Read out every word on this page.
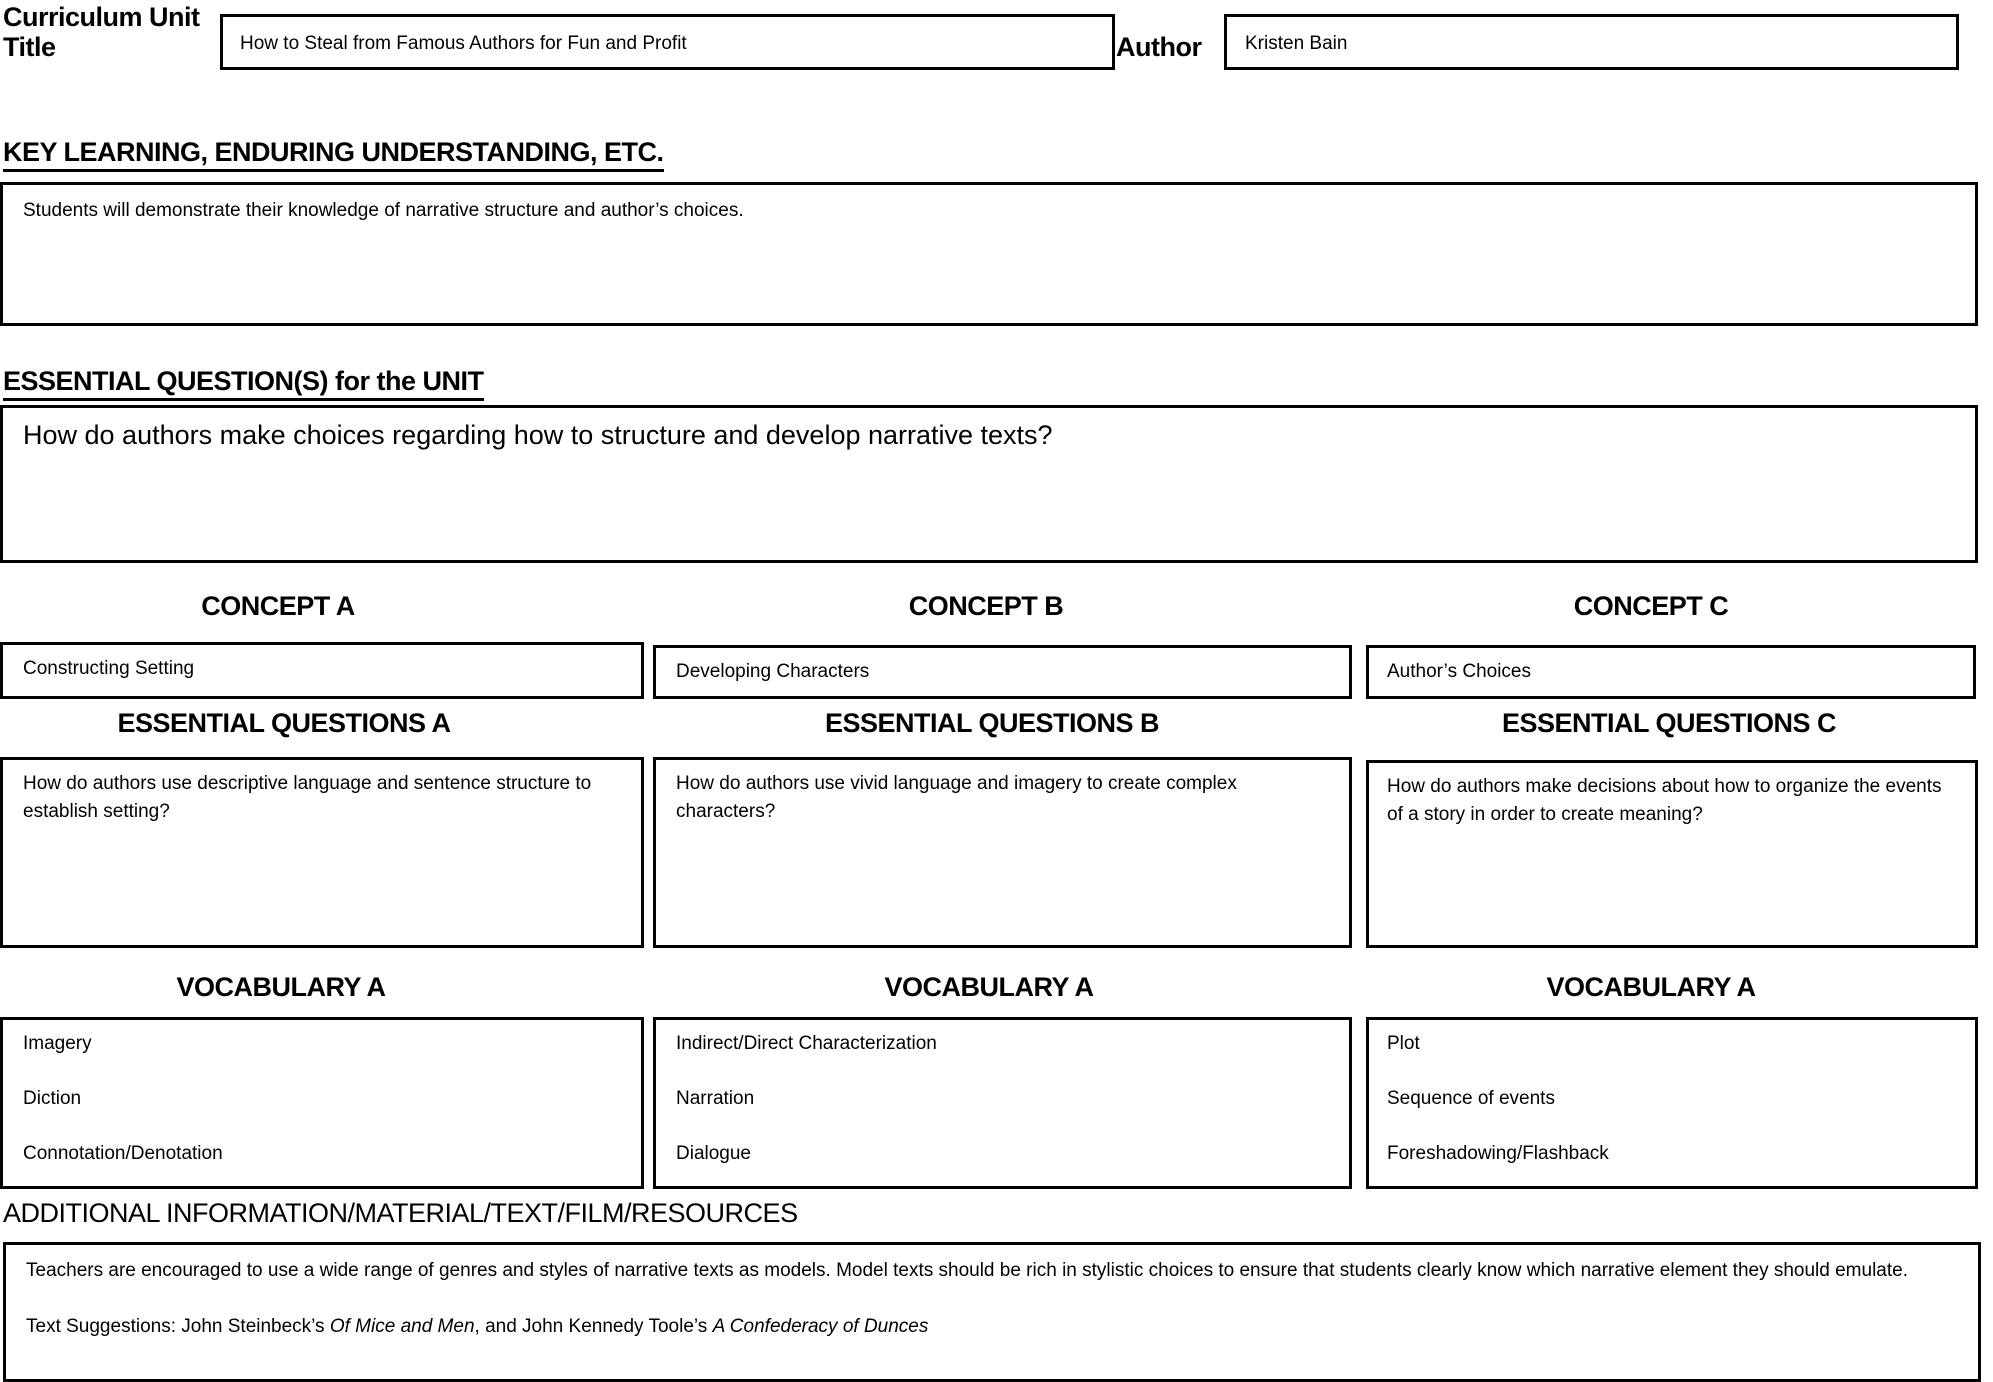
Curriculum Unit Title	How to Steal from Famous Authors for Fun and Profit	Author	Kristen Bain
KEY LEARNING, ENDURING UNDERSTANDING, ETC.
Students will demonstrate their knowledge of narrative structure and author’s choices.
ESSENTIAL QUESTION(S) for the UNIT
How do authors make choices regarding how to structure and develop narrative texts?
CONCEPT A
Constructing Setting
ESSENTIAL QUESTIONS A
How do authors use descriptive language and sentence structure to establish setting?
VOCABULARY A
Imagery
Diction
Connotation/Denotation
CONCEPT B
Developing Characters
ESSENTIAL QUESTIONS B
How do authors use vivid language and imagery to create complex characters?
VOCABULARY A
Indirect/Direct Characterization
Narration
Dialogue
CONCEPT C
Author’s Choices
ESSENTIAL QUESTIONS C
How do authors make decisions about how to organize the events of a story in order to create meaning?
VOCABULARY A
Plot
Sequence of events
Foreshadowing/Flashback
ADDITIONAL INFORMATION/MATERIAL/TEXT/FILM/RESOURCES

Teachers are encouraged to use a wide range of genres and styles of narrative texts as models. Model texts should be rich in stylistic choices to ensure that students clearly know which narrative element they should emulate.

Text Suggestions: John Steinbeck’s Of Mice and Men, and John Kennedy Toole’s A Confederacy of Dunces
